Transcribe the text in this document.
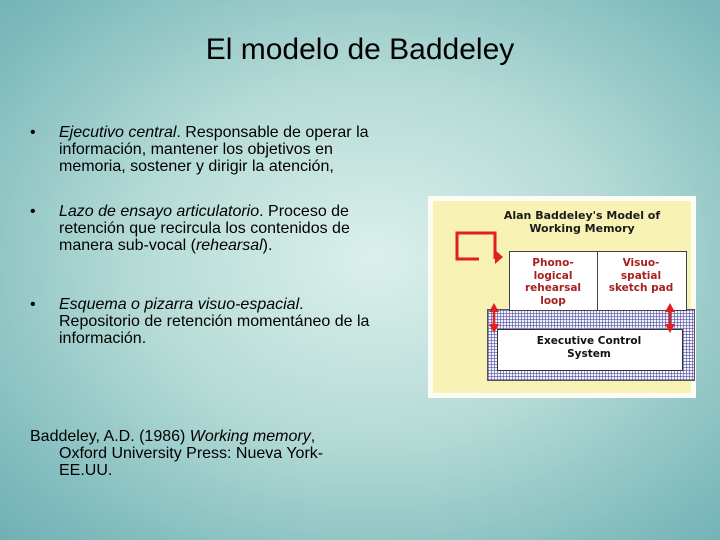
El modelo de Baddeley
• Ejecutivo central. Responsable de operar la información, mantener los objetivos en memoria, sostener y dirigir la atención,
• Lazo de ensayo articulatorio. Proceso de retención que recircula los contenidos de manera sub-vocal (rehearsal).
• Esquema o pizarra visuo-espacial.
Repositorio de retención momentáneo de la información.
Baddeley, A.D. (1986) Working memory,
Oxford University Press: Nueva York-
EE.UU.
Alan Baddeley's Model of
Working Memory
Executive Control
System
Phono-
logical
rehearsal
loop
Visuo-
spatial
sketch pad
